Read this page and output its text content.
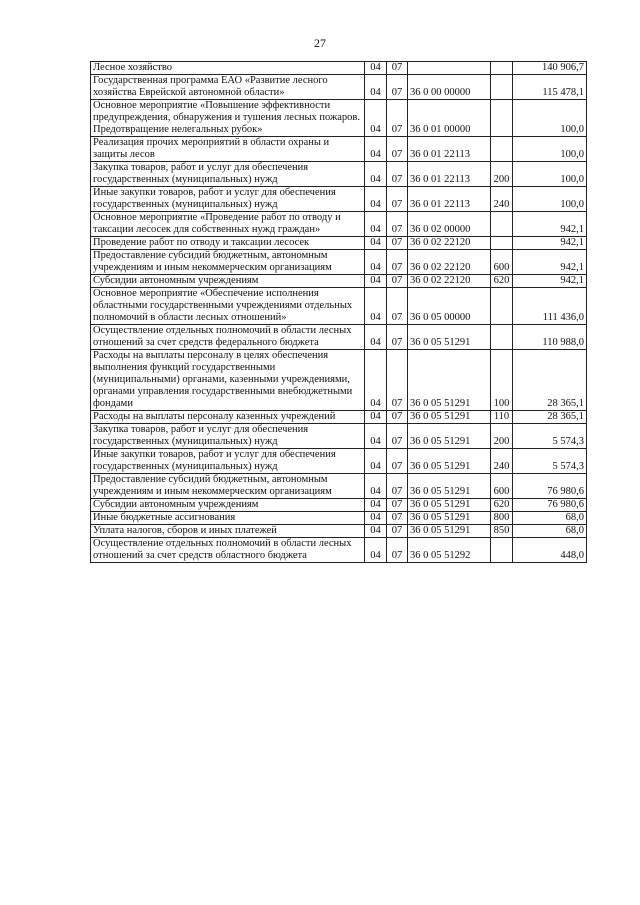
27
Лесное хозяйство	04	07			140 906,7
Государственная программа ЕАО «Развитие лесного хозяйства Еврейской автономной области»	04	07	36 0 00 00000		115 478,1
Основное мероприятие «Повышение эффективности предупреждения, обнаружения и тушения лесных пожаров. Предотвращение нелегальных рубок»	04	07	36 0 01 00000		100,0
Реализация прочих мероприятий в области охраны и защиты лесов	04	07	36 0 01 22113		100,0
Закупка товаров, работ и услуг для обеспечения государственных (муниципальных) нужд	04	07	36 0 01 22113	200	100,0
Иные закупки товаров, работ и услуг для обеспечения государственных (муниципальных) нужд	04	07	36 0 01 22113	240	100,0
Основное мероприятие «Проведение работ по отводу и таксации лесосек для собственных нужд граждан»	04	07	36 0 02 00000		942,1
Проведение работ по отводу и таксации лесосек	04	07	36 0 02 22120		942,1
Предоставление субсидий бюджетным, автономным учреждениям и иным некоммерческим организациям	04	07	36 0 02 22120	600	942,1
Субсидии автономным учреждениям	04	07	36 0 02 22120	620	942,1
Основное мероприятие «Обеспечение исполнения областными государственными учреждениями отдельных полномочий в области лесных отношений»	04	07	36 0 05 00000		111 436,0
Осуществление отдельных полномочий в области лесных отношений за счет средств федерального бюджета	04	07	36 0 05 51291		110 988,0
Расходы на выплаты персоналу в целях обеспечения выполнения функций государственными (муниципальными) органами, казенными учреждениями, органами управления государственными внебюджетными фондами	04	07	36 0 05 51291	100	28 365,1
Расходы на выплаты персоналу казенных учреждений	04	07	36 0 05 51291	110	28 365,1
Закупка товаров, работ и услуг для обеспечения государственных (муниципальных) нужд	04	07	36 0 05 51291	200	5 574,3
Иные закупки товаров, работ и услуг для обеспечения государственных (муниципальных) нужд	04	07	36 0 05 51291	240	5 574,3
Предоставление субсидий бюджетным, автономным учреждениям и иным некоммерческим организациям	04	07	36 0 05 51291	600	76 980,6
Субсидии автономным учреждениям	04	07	36 0 05 51291	620	76 980,6
Иные бюджетные ассигнования	04	07	36 0 05 51291	800	68,0
Уплата налогов, сборов и иных платежей	04	07	36 0 05 51291	850	68,0
Осуществление отдельных полномочий в области лесных отношений за счет средств областного бюджета	04	07	36 0 05 51292		448,0
